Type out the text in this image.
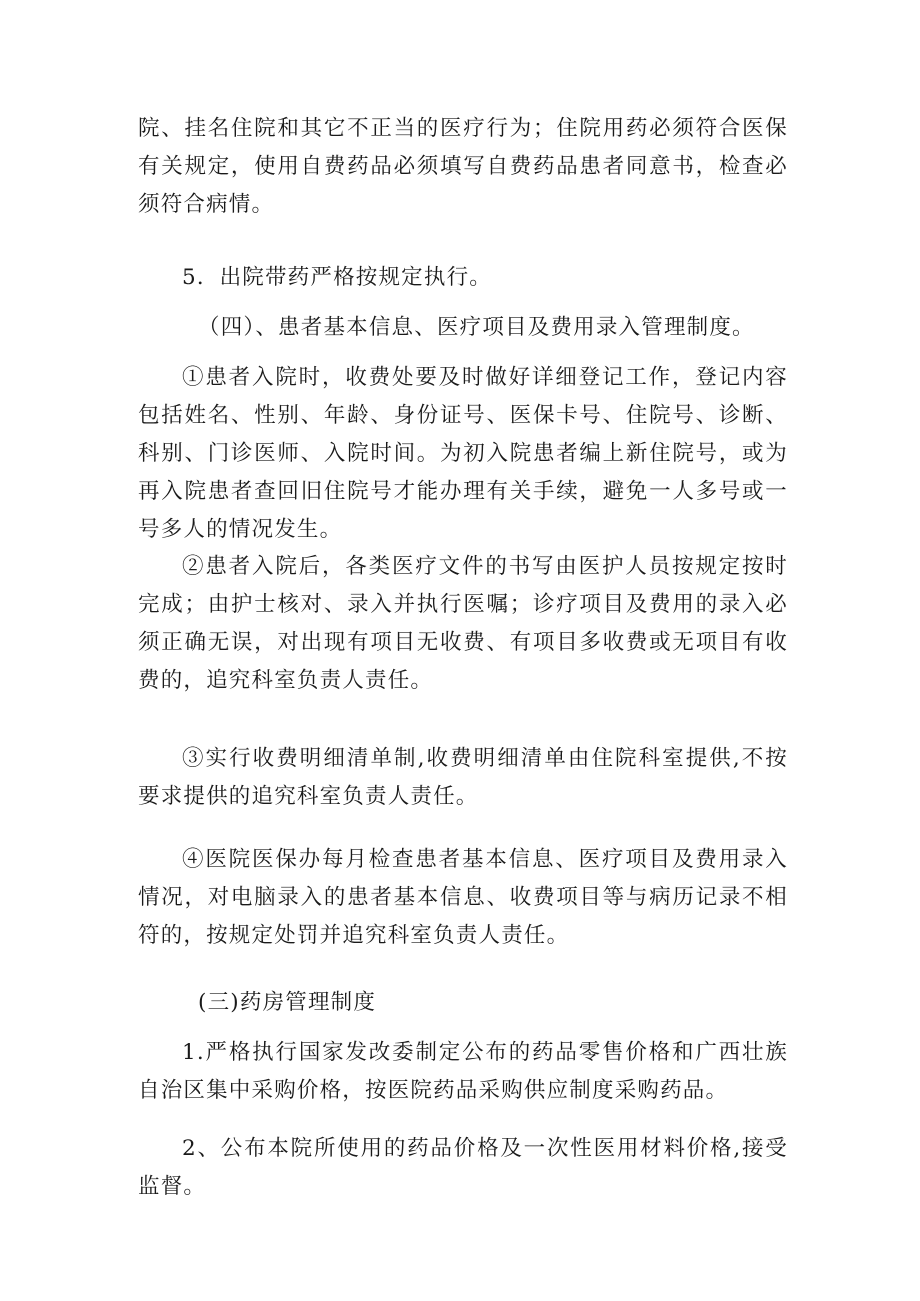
院、挂名住院和其它不正当的医疗行为；住院用药必须符合医保有关规定，使用自费药品必须填写自费药品患者同意书，检查必须符合病情。

5．出院带药严格按规定执行。

（四）、患者基本信息、医疗项目及费用录入管理制度。

①患者入院时，收费处要及时做好详细登记工作，登记内容包括姓名、性别、年龄、身份证号、医保卡号、住院号、诊断、科别、门诊医师、入院时间。为初入院患者编上新住院号，或为再入院患者查回旧住院号才能办理有关手续，避免一人多号或一号多人的情况发生。

②患者入院后，各类医疗文件的书写由医护人员按规定按时完成；由护士核对、录入并执行医嘱；诊疗项目及费用的录入必须正确无误，对出现有项目无收费、有项目多收费或无项目有收费的，追究科室负责人责任。

③实行收费明细清单制,收费明细清单由住院科室提供,不按要求提供的追究科室负责人责任。

④医院医保办每月检查患者基本信息、医疗项目及费用录入情况，对电脑录入的患者基本信息、收费项目等与病历记录不相符的，按规定处罚并追究科室负责人责任。

(三)药房管理制度

1.严格执行国家发改委制定公布的药品零售价格和广西壮族自治区集中采购价格，按医院药品采购供应制度采购药品。

2、公布本院所使用的药品价格及一次性医用材料价格,接受监督。
